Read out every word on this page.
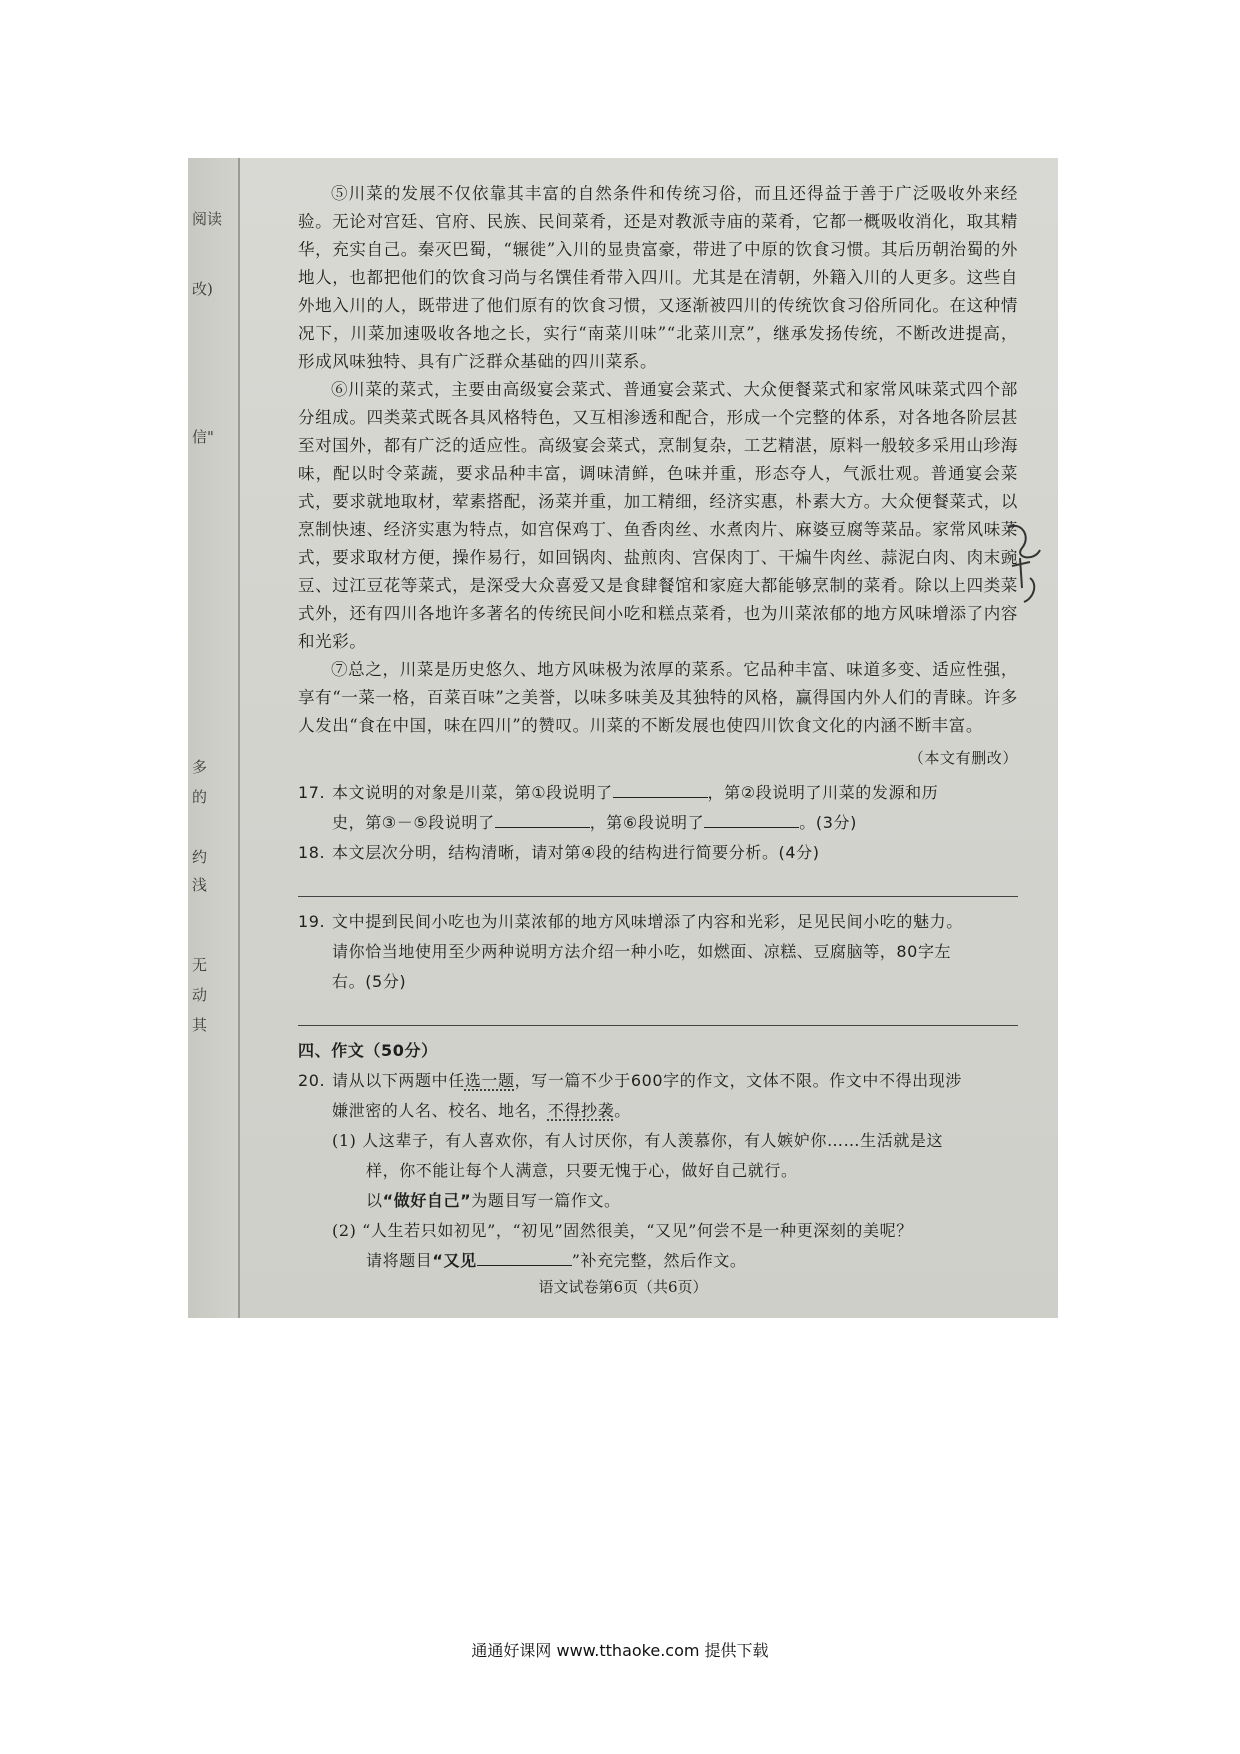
阅读
改)
信"
多
的
约
浅
无
动
其

⑤川菜的发展不仅依靠其丰富的自然条件和传统习俗，而且还得益于善于广泛吸收外来经验。无论对宫廷、官府、民族、民间菜肴，还是对教派寺庙的菜肴，它都一概吸收消化，取其精华，充实自己。秦灭巴蜀，“辗徙”入川的显贵富豪，带进了中原的饮食习惯。其后历朝治蜀的外地人，也都把他们的饮食习尚与名馔佳肴带入四川。尤其是在清朝，外籍入川的人更多。这些自外地入川的人，既带进了他们原有的饮食习惯，又逐渐被四川的传统饮食习俗所同化。在这种情况下，川菜加速吸收各地之长，实行“南菜川味”“北菜川烹”，继承发扬传统，不断改进提高，形成风味独特、具有广泛群众基础的四川菜系。

⑥川菜的菜式，主要由高级宴会菜式、普通宴会菜式、大众便餐菜式和家常风味菜式四个部分组成。四类菜式既各具风格特色，又互相渗透和配合，形成一个完整的体系，对各地各阶层甚至对国外，都有广泛的适应性。高级宴会菜式，烹制复杂，工艺精湛，原料一般较多采用山珍海味，配以时令菜蔬，要求品种丰富，调味清鲜，色味并重，形态夺人，气派壮观。普通宴会菜式，要求就地取材，荤素搭配，汤菜并重，加工精细，经济实惠，朴素大方。大众便餐菜式，以烹制快速、经济实惠为特点，如宫保鸡丁、鱼香肉丝、水煮肉片、麻婆豆腐等菜品。家常风味菜式，要求取材方便，操作易行，如回锅肉、盐煎肉、宫保肉丁、干煸牛肉丝、蒜泥白肉、肉末豌豆、过江豆花等菜式，是深受大众喜爱又是食肆餐馆和家庭大都能够烹制的菜肴。除以上四类菜式外，还有四川各地许多著名的传统民间小吃和糕点菜肴，也为川菜浓郁的地方风味增添了内容和光彩。

⑦总之，川菜是历史悠久、地方风味极为浓厚的菜系。它品种丰富、味道多变、适应性强，享有“一菜一格，百菜百味”之美誉，以味多味美及其独特的风格，赢得国内外人们的青睐。许多人发出“食在中国，味在四川”的赞叹。川菜的不断发展也使四川饮食文化的内涵不断丰富。

（本文有删改）

17. 本文说明的对象是川菜，第①段说明了	，第②段说明了川菜的发源和历

史，第③－⑤段说明了	，第⑥段说明了	。(3分)

18. 本文层次分明，结构清晰，请对第④段的结构进行简要分析。(4分)

19. 文中提到民间小吃也为川菜浓郁的地方风味增添了内容和光彩，足见民间小吃的魅力。

请你恰当地使用至少两种说明方法介绍一种小吃，如燃面、凉糕、豆腐脑等，80字左

右。(5分)

四、作文（50分）

20. 请从以下两题中任选一题，写一篇不少于600字的作文，文体不限。作文中不得出现涉

嫌泄密的人名、校名、地名，不得抄袭。

(1) 人这辈子，有人喜欢你，有人讨厌你，有人羡慕你，有人嫉妒你……生活就是这
样，你不能让每个人满意，只要无愧于心，做好自己就行。
以“做好自己”为题目写一篇作文。
(2) “人生若只如初见”，“初见”固然很美，“又见”何尝不是一种更深刻的美呢？
请将题目“又见	”补充完整，然后作文。
语文试卷第6页（共6页）
通通好课网 www.tthaoke.com 提供下载
